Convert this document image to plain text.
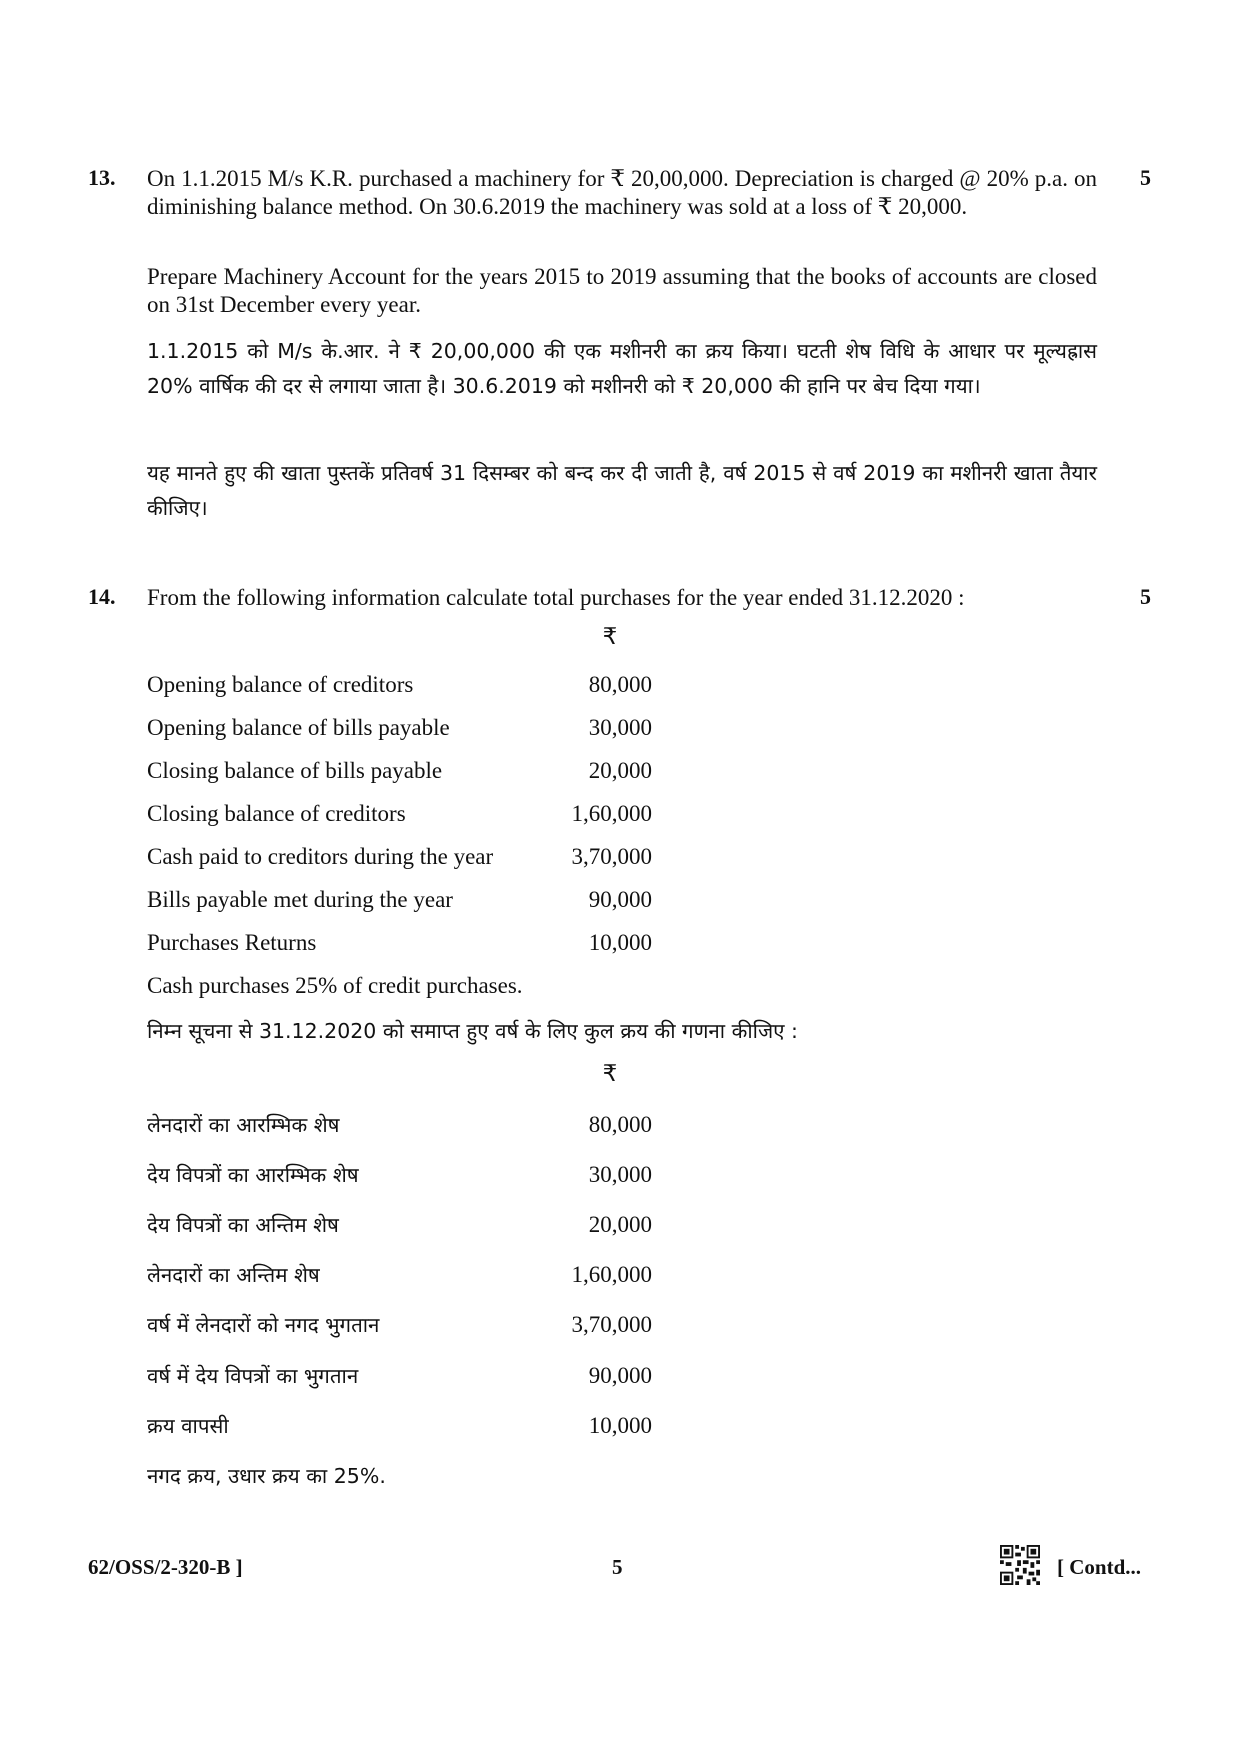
13.	5
On 1.1.2015 M/s K.R. purchased a machinery for ₹ 20,00,000. Depreciation is charged @ 20% p.a. on diminishing balance method. On 30.6.2019 the machinery was sold at a loss of ₹ 20,000.
Prepare Machinery Account for the years 2015 to 2019 assuming that the books of accounts are closed on 31st December every year.
1.1.2015 को M/s के.आर. ने ₹ 20,00,000 की एक मशीनरी का क्रय किया। घटती शेष विधि के आधार पर मूल्यह्रास 20% वार्षिक की दर से लगाया जाता है। 30.6.2019 को मशीनरी को ₹ 20,000 की हानि पर बेच दिया गया।
यह मानते हुए की खाता पुस्तकें प्रतिवर्ष 31 दिसम्बर को बन्द कर दी जाती है, वर्ष 2015 से वर्ष 2019 का मशीनरी खाता तैयार कीजिए।
14.	5
From the following information calculate total purchases for the year ended 31.12.2020 :
₹
Opening balance of creditors	80,000
Opening balance of bills payable	30,000
Closing balance of bills payable	20,000
Closing balance of creditors	1,60,000
Cash paid to creditors during the year	3,70,000
Bills payable met during the year	90,000
Purchases Returns	10,000
Cash purchases 25% of credit purchases.
निम्न सूचना से 31.12.2020 को समाप्त हुए वर्ष के लिए कुल क्रय की गणना कीजिए :
₹
लेनदारों का आरम्भिक शेष	80,000
देय विपत्रों का आरम्भिक शेष	30,000
देय विपत्रों का अन्तिम शेष	20,000
लेनदारों का अन्तिम शेष	1,60,000
वर्ष में लेनदारों को नगद भुगतान	3,70,000
वर्ष में देय विपत्रों का भुगतान	90,000
क्रय वापसी	10,000
नगद क्रय, उधार क्रय का 25%.
62/OSS/2-320-B ]	5	[ Contd...
